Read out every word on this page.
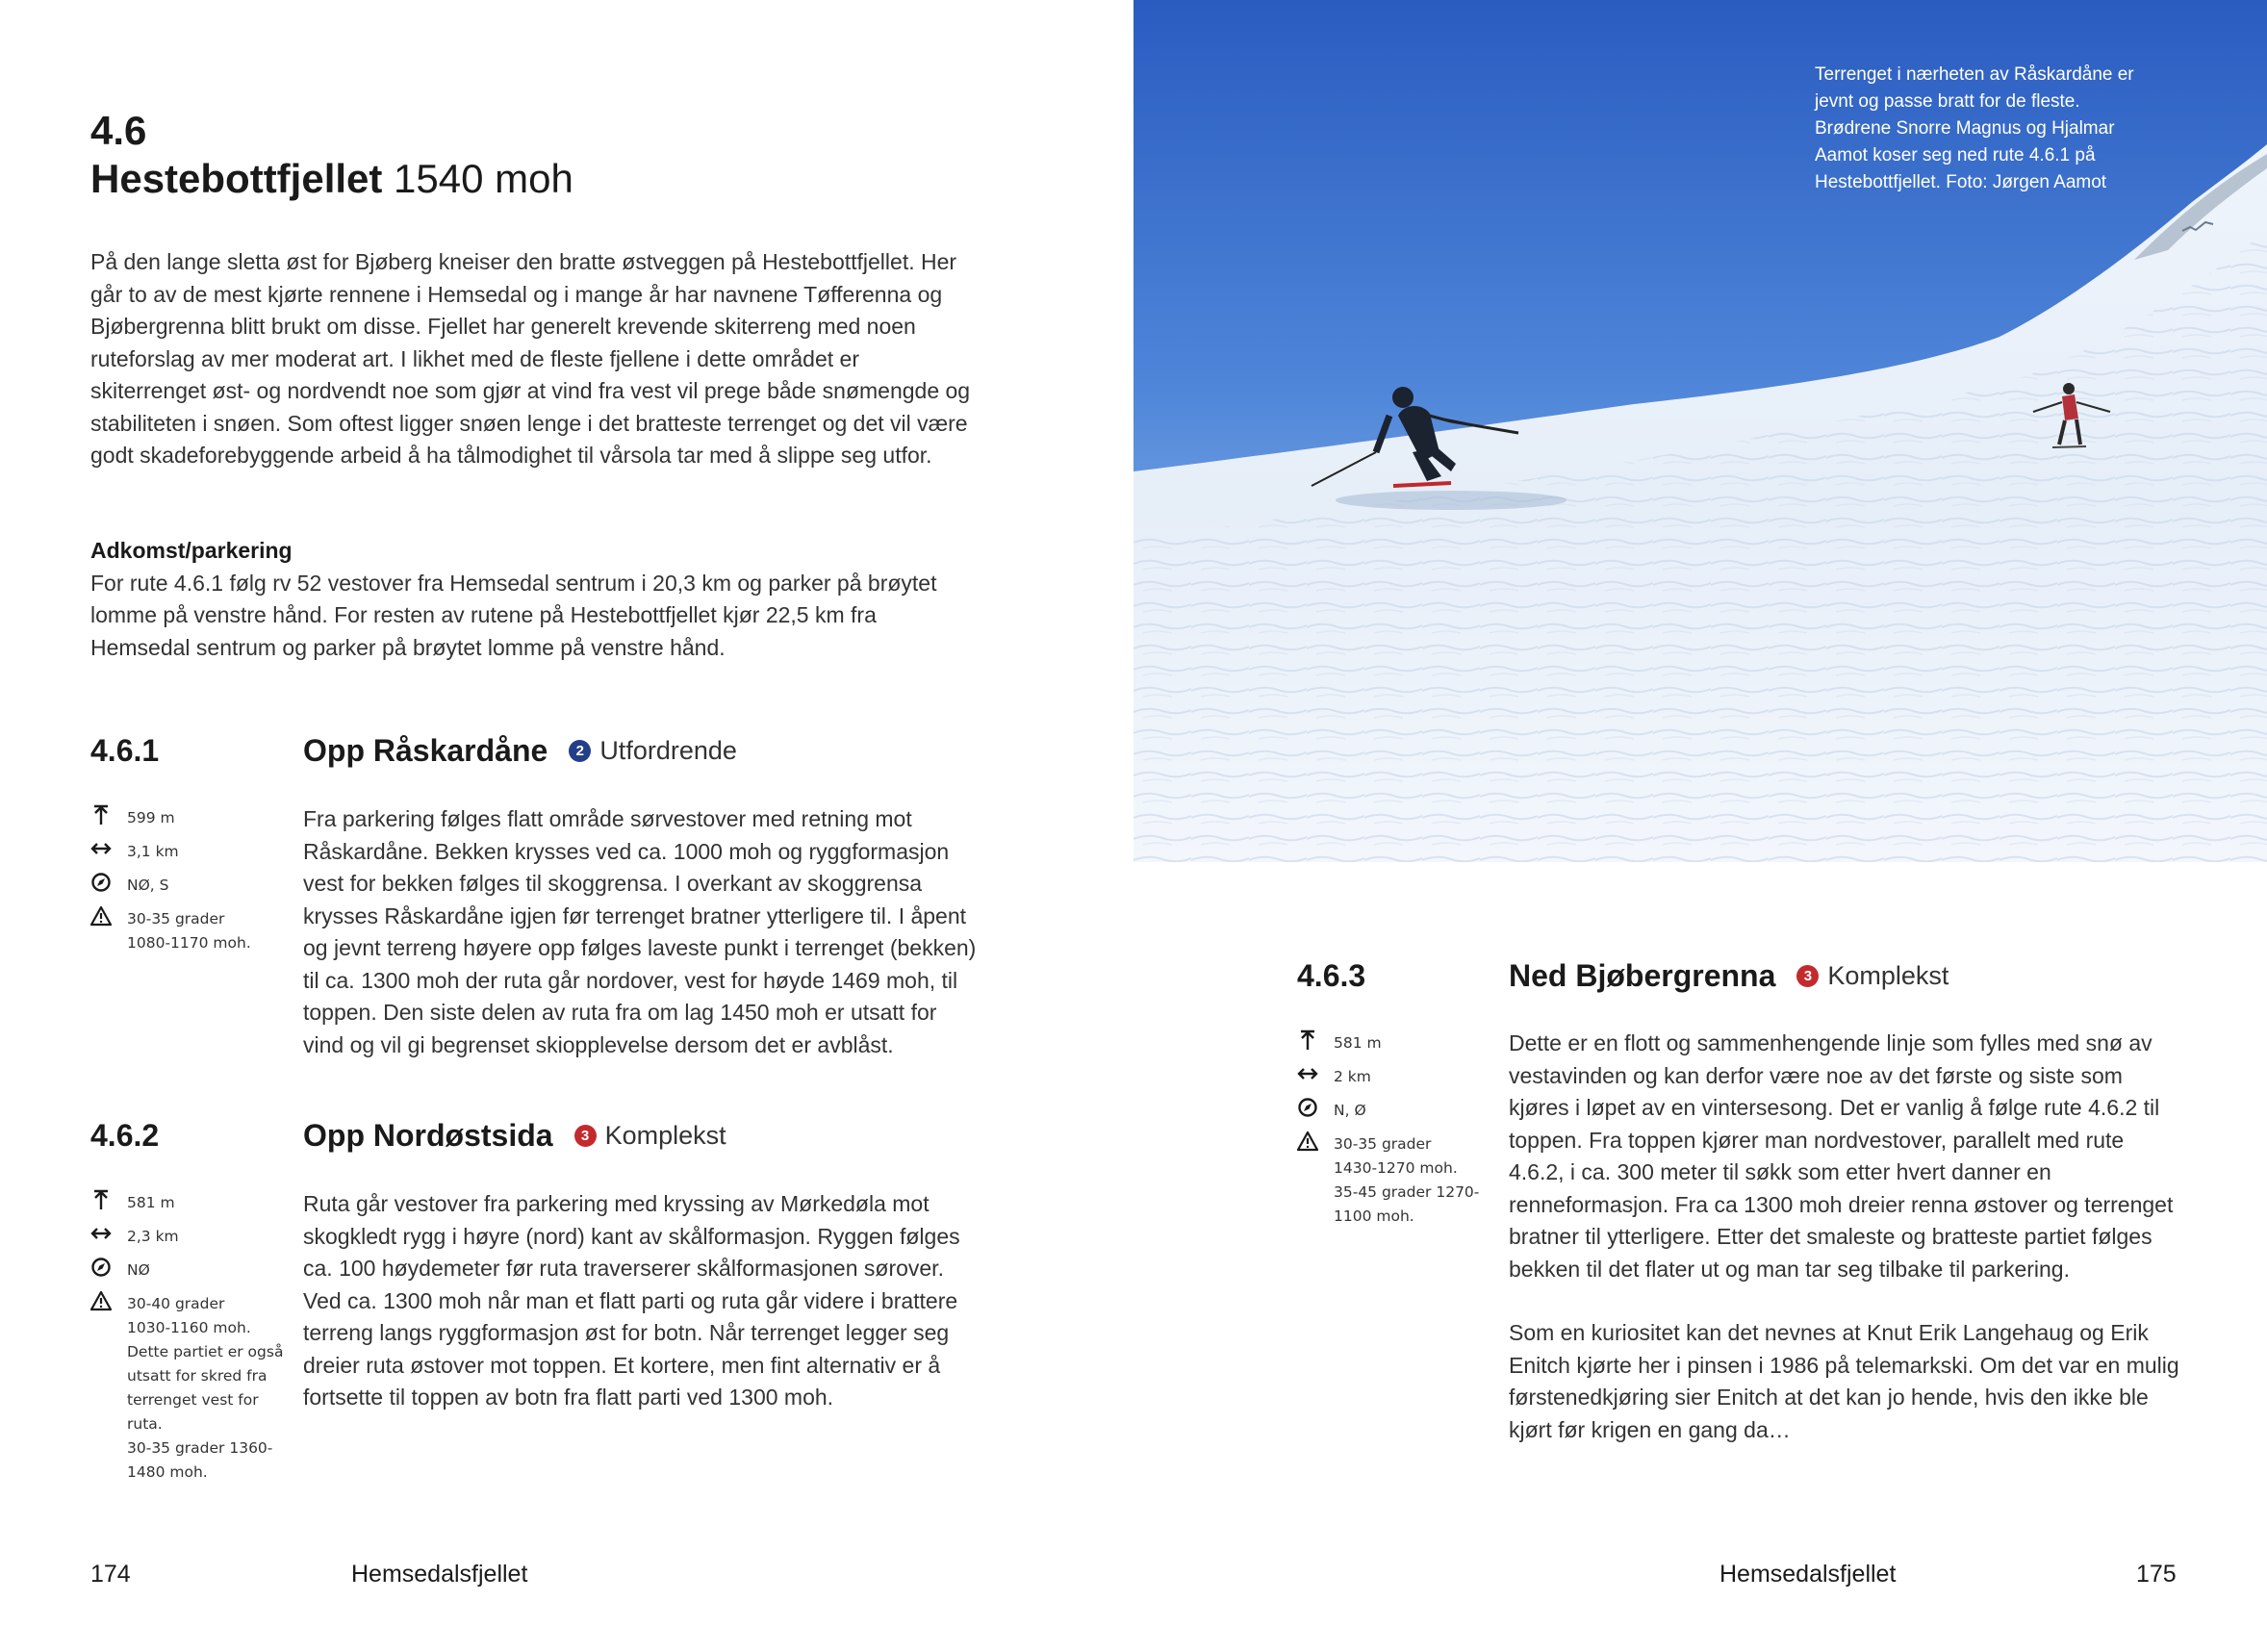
4.6
Hestebottfjellet 1540 moh

På den lange sletta øst for Bjøberg kneiser den bratte østveggen på Hestebottfjellet. Her går to av de mest kjørte rennene i Hemsedal og i mange år har navnene Tøfferenna og Bjøbergrenna blitt brukt om disse. Fjellet har generelt krevende skiterreng med noen ruteforslag av mer moderat art. I likhet med de fleste fjellene i dette området er skiterrenget øst- og nordvendt noe som gjør at vind fra vest vil prege både snømengde og stabiliteten i snøen. Som oftest ligger snøen lenge i det bratteste terrenget og det vil være godt skadeforebyggende arbeid å ha tålmodighet til vårsola tar med å slippe seg utfor.

Adkomst/parkering

For rute 4.6.1 følg rv 52 vestover fra Hemsedal sentrum i 20,3 km og parker på brøytet lomme på venstre hånd. For resten av rutene på Hestebottfjellet kjør 22,5 km fra Hemsedal sentrum og parker på brøytet lomme på venstre hånd.

4.6.1	Opp Råskardåne	2 Utfordrende
599 m
3,1 km
NØ, S
30-35 grader
1080-1170 moh.

Fra parkering følges flatt område sørvestover med retning mot Råskardåne. Bekken krysses ved ca. 1000 moh og ryggformasjon vest for bekken følges til skoggrensa. I overkant av skoggrensa krysses Råskardåne igjen før terrenget bratner ytterligere til. I åpent og jevnt terreng høyere opp følges laveste punkt i terrenget (bekken) til ca. 1300 moh der ruta går nordover, vest for høyde 1469 moh, til toppen. Den siste delen av ruta fra om lag 1450 moh er utsatt for vind og vil gi begrenset skiopplevelse dersom det er avblåst.

4.6.2	Opp Nordøstsida	3 Komplekst
581 m
2,3 km
NØ
30-40 grader
1030-1160 moh.
Dette partiet er også
utsatt for skred fra
terrenget vest for
ruta.
30-35 grader 1360-
1480 moh.

Ruta går vestover fra parkering med kryssing av Mørkedøla mot skogkledt rygg i høyre (nord) kant av skålformasjon. Ryggen følges ca. 100 høydemeter før ruta traverserer skålformasjonen sørover. Ved ca. 1300 moh når man et flatt parti og ruta går videre i brattere terreng langs ryggformasjon øst for botn. Når terrenget legger seg dreier ruta østover mot toppen. Et kortere, men fint alternativ er å fortsette til toppen av botn fra flatt parti ved 1300 moh.

Terrenget i nærheten av Råskardåne er jevnt og passe bratt for de fleste. Brødrene Snorre Magnus og Hjalmar Aamot koser seg ned rute 4.6.1 på Hestebottfjellet. Foto: Jørgen Aamot
4.6.3	Ned Bjøbergrenna	3 Komplekst
581 m
2 km
N, Ø
30-35 grader
1430-1270 moh.
35-45 grader 1270-
1100 moh.

Dette er en flott og sammenhengende linje som fylles med snø av vestavinden og kan derfor være noe av det første og siste som kjøres i løpet av en vintersesong. Det er vanlig å følge rute 4.6.2 til toppen. Fra toppen kjører man nordvestover, parallelt med rute 4.6.2, i ca. 300 meter til søkk som etter hvert danner en renneformasjon. Fra ca 1300 moh dreier renna østover og terrenget bratner til ytterligere. Etter det smaleste og bratteste partiet følges bekken til det flater ut og man tar seg tilbake til parkering.

Som en kuriositet kan det nevnes at Knut Erik Langehaug og Erik Enitch kjørte her i pinsen i 1986 på telemarkski. Om det var en mulig førstenedkjøring sier Enitch at det kan jo hende, hvis den ikke ble kjørt før krigen en gang da…

174	Hemsedalsfjellet	Hemsedalsfjellet	175
